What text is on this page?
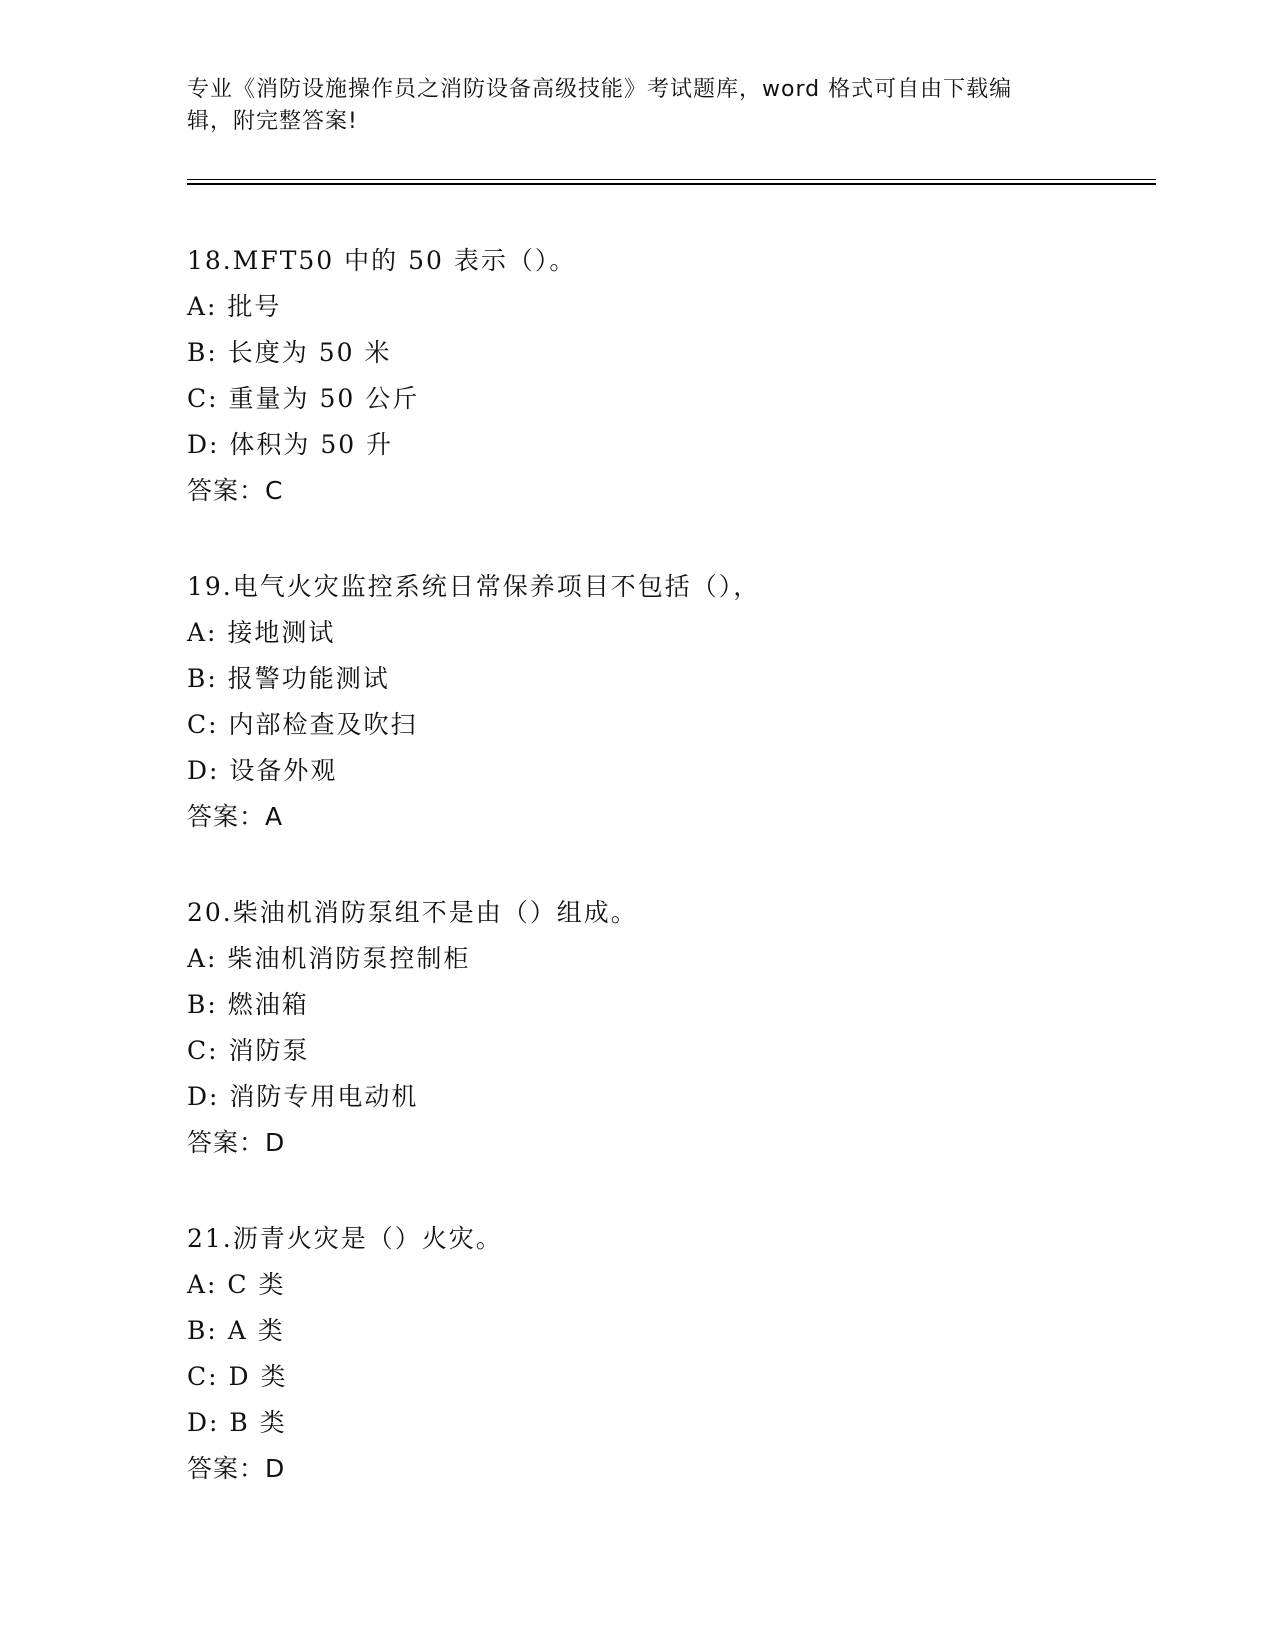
专业《消防设施操作员之消防设备高级技能》考试题库，word 格式可自由下载编
辑，附完整答案!
18.MFT50 中的 50 表示（）。
A: 批号
B: 长度为 50 米
C: 重量为 50 公斤
D: 体积为 50 升
答案：C
19.电气火灾监控系统日常保养项目不包括（），
A: 接地测试
B: 报警功能测试
C: 内部检查及吹扫
D: 设备外观
答案：A
20.柴油机消防泵组不是由（）组成。
A: 柴油机消防泵控制柜
B: 燃油箱
C: 消防泵
D: 消防专用电动机
答案：D
21.沥青火灾是（）火灾。
A: C 类
B: A 类
C: D 类
D: B 类
答案：D
